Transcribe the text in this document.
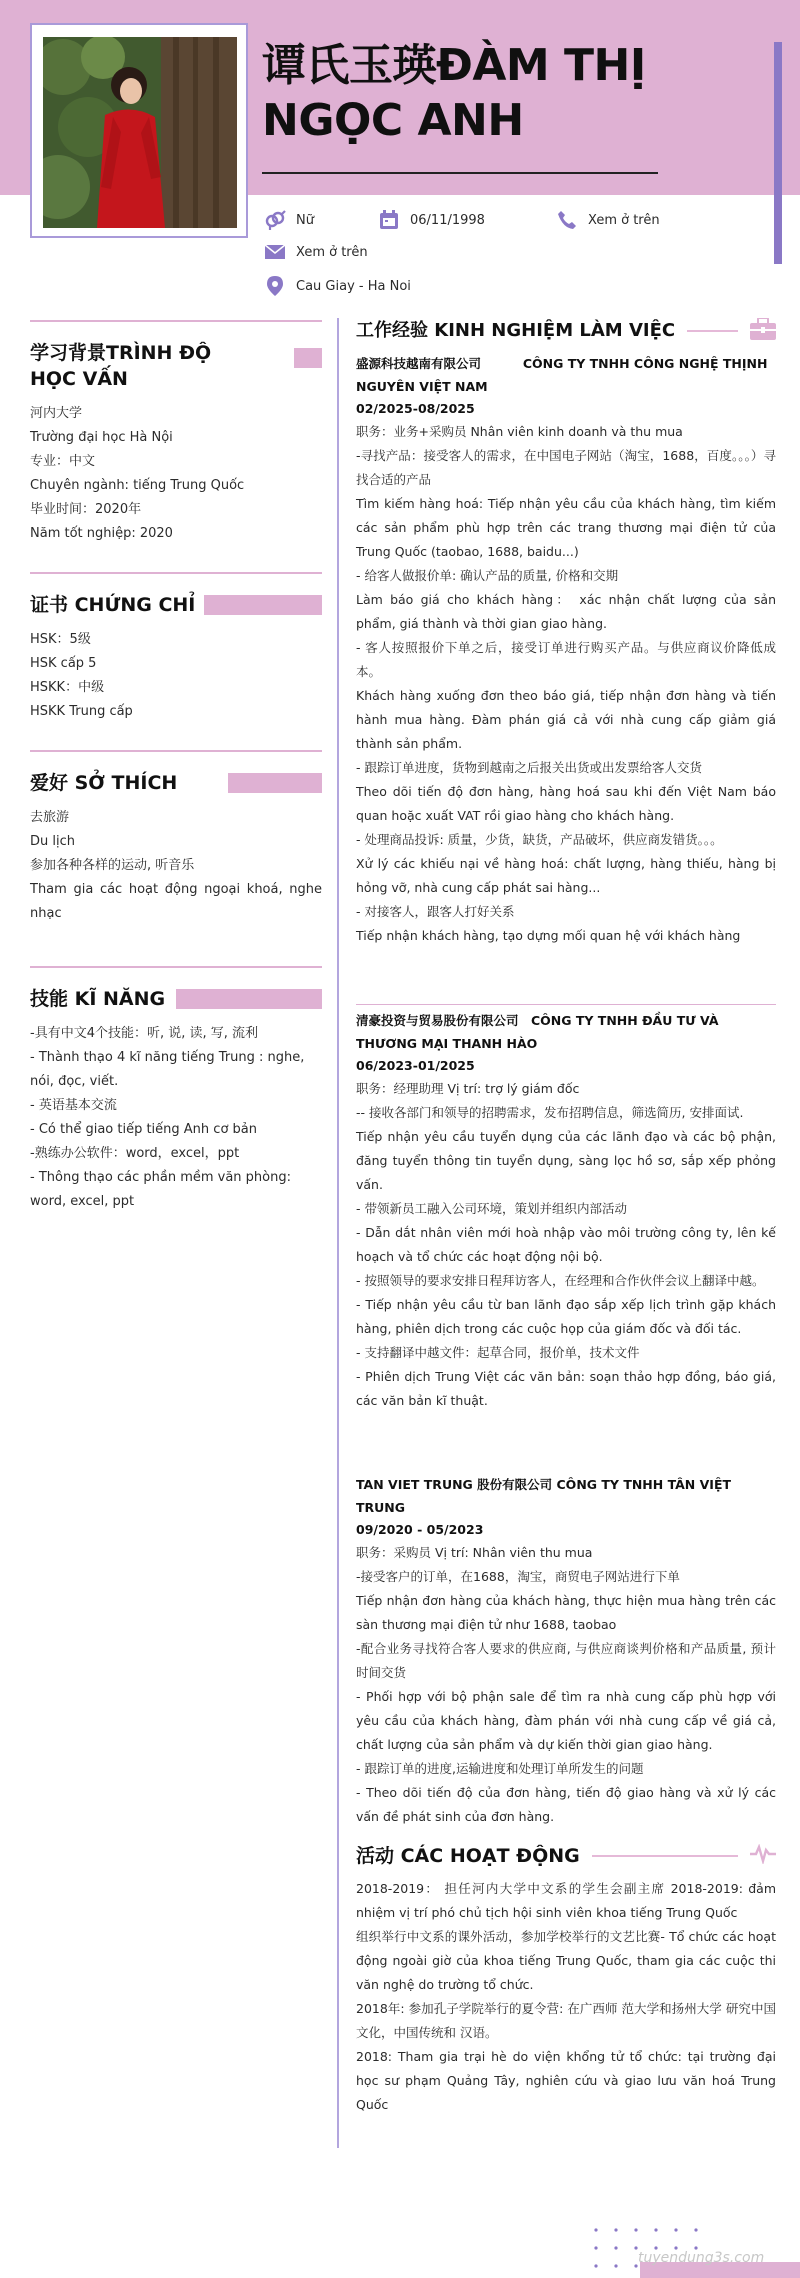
谭氏玉瑛ĐÀM THỊ NGỌC ANH
Nữ	06/11/1998	Xem ở trên
Xem ở trên
Cau Giay - Ha Noi
学习背景TRÌNH ĐỘ HỌC VẤN
河内大学
Trường đại học Hà Nội
专业：中文
Chuyên ngành: tiếng Trung Quốc
毕业时间：2020年
Năm tốt nghiệp: 2020
证书 CHỨNG CHỈ
HSK：5级
HSK cấp 5
HSKK：中级
HSKK Trung cấp
爱好 SỞ THÍCH
去旅游
Du lịch
参加各种各样的运动, 听音乐
Tham gia các hoạt động ngoại khoá, nghe nhạc
技能 KĨ NĂNG
-具有中文4个技能：听, 说, 读, 写, 流利
- Thành thạo 4 kĩ năng tiếng Trung : nghe, nói, đọc, viết.
- 英语基本交流
- Có thể giao tiếp tiếng Anh cơ bản
-熟练办公软件：word，excel，ppt
- Thông thạo các phần mềm văn phòng: word, excel, ppt
工作经验 KINH NGHIỆM LÀM VIỆC
盛源科技越南有限公司 　　　CÔNG TY TNHH CÔNG NGHỆ THỊNH NGUYÊN VIỆT NAM
02/2025-08/2025
职务：业务+采购员 Nhân viên kinh doanh và thu mua
-寻找产品：接受客人的需求，在中国电子网站（淘宝，1688，百度。。。）寻找合适的产品
Tìm kiếm hàng hoá: Tiếp nhận yêu cầu của khách hàng, tìm kiếm các sản phẩm phù hợp trên các trang thương mại điện tử của Trung Quốc (taobao, 1688, baidu...)
- 给客人做报价单: 确认产品的质量, 价格和交期
Làm báo giá cho khách hàng： xác nhận chất lượng của sản phẩm, giá thành và thời gian giao hàng.
- 客人按照报价下单之后，接受订单进行购买产品。与供应商议价降低成本。
Khách hàng xuống đơn theo báo giá, tiếp nhận đơn hàng và tiến hành mua hàng. Đàm phán giá cả với nhà cung cấp giảm giá thành sản phẩm.
- 跟踪订单进度，货物到越南之后报关出货或出发票给客人交货
Theo dõi tiến độ đơn hàng, hàng hoá sau khi đến Việt Nam báo quan hoặc xuất VAT rồi giao hàng cho khách hàng.
- 处理商品投诉: 质量，少货，缺货，产品破坏，供应商发错货。。。
Xử lý các khiếu nại về hàng hoá: chất lượng, hàng thiếu, hàng bị hỏng vỡ, nhà cung cấp phát sai hàng...
- 对接客人，跟客人打好关系
Tiếp nhận khách hàng, tạo dựng mối quan hệ với khách hàng
清豪投资与贸易股份有限公司　CÔNG TY TNHH ĐẦU TƯ VÀ THƯƠNG MẠI THANH HÀO
06/2023-01/2025
职务：经理助理 Vị trí: trợ lý giám đốc
-- 接收各部门和领导的招聘需求，发布招聘信息，筛选简历, 安排面试.
Tiếp nhận yêu cầu tuyển dụng của các lãnh đạo và các bộ phận, đăng tuyển thông tin tuyển dụng, sàng lọc hồ sơ, sắp xếp phỏng vấn.
- 带领新员工融入公司环境，策划并组织内部活动
- Dẫn dắt nhân viên mới hoà nhập vào môi trường công ty, lên kế hoạch và tổ chức các hoạt động nội bộ.
- 按照领导的要求安排日程拜访客人，在经理和合作伙伴会议上翻译中越。
- Tiếp nhận yêu cầu từ ban lãnh đạo sắp xếp lịch trình gặp khách hàng, phiên dịch trong các cuộc họp của giám đốc và đối tác.
- 支持翻译中越文件：起草合同，报价单，技术文件
- Phiên dịch Trung Việt các văn bản: soạn thảo hợp đồng, báo giá, các văn bản kĩ thuật.
TAN VIET TRUNG 股份有限公司 CÔNG TY TNHH TÂN VIỆT TRUNG
09/2020 - 05/2023
职务：采购员 Vị trí: Nhân viên thu mua
-接受客户的订单，在1688，淘宝，商贸电子网站进行下单
Tiếp nhận đơn hàng của khách hàng, thực hiện mua hàng trên các sàn thương mại điện tử như 1688, taobao
-配合业务寻找符合客人要求的供应商, 与供应商谈判价格和产品质量, 预计时间交货
- Phối hợp với bộ phận sale để tìm ra nhà cung cấp phù hợp với yêu cầu của khách hàng, đàm phán với nhà cung cấp về giá cả, chất lượng của sản phẩm và dự kiến thời gian giao hàng.
- 跟踪订单的进度,运输进度和处理订单所发生的问题
- Theo dõi tiến độ của đơn hàng, tiến độ giao hàng và xử lý các vấn đề phát sinh của đơn hàng.
活动 CÁC HOẠT ĐỘNG
2018-2019： 担任河内大学中文系的学生会副主席 2018-2019: đảm nhiệm vị trí phó chủ tịch hội sinh viên khoa tiếng Trung Quốc
组织举行中文系的课外活动，参加学校举行的文艺比赛- Tổ chức các hoạt động ngoài giờ của khoa tiếng Trung Quốc, tham gia các cuộc thi văn nghệ do trường tổ chức.
2018年: 参加孔子学院举行的夏令营: 在广西师 范大学和扬州大学 研究中国文化，中国传统和 汉语。
2018: Tham gia trại hè do viện khổng tử tổ chức: tại trường đại học sư phạm Quảng Tây, nghiên cứu và giao lưu văn hoá Trung Quốc
tuyendung3s.com
